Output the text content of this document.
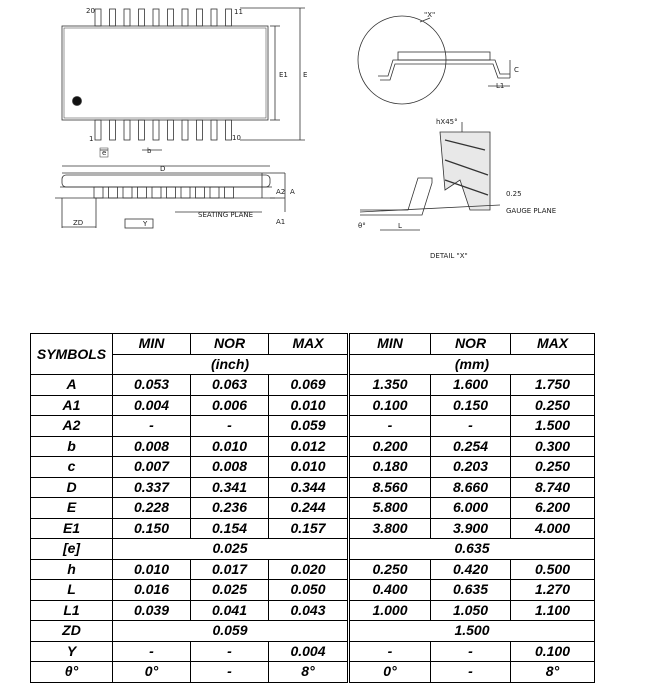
20	11
1	10
E1 E
e	b
D
A2 A
A1
ZD
SEATING PLANE
Y
"X"
C
L1
hX45°
0.25
GAUGE PLANE
L
θ°
DETAIL "X"
SYMBOLS	MIN	NOR	MAX	MIN	NOR	MAX
	(inch)			(mm)		
A	0.053	0.063	0.069	1.350	1.600	1.750
A1	0.004	0.006	0.010	0.100	0.150	0.250
A2	-	-	0.059	-	-	1.500
b	0.008	0.010	0.012	0.200	0.254	0.300
c	0.007	0.008	0.010	0.180	0.203	0.250
D	0.337	0.341	0.344	8.560	8.660	8.740
E	0.228	0.236	0.244	5.800	6.000	6.200
E1	0.150	0.154	0.157	3.800	3.900	4.000
[e]	0.025			0.635		
h	0.010	0.017	0.020	0.250	0.420	0.500
L	0.016	0.025	0.050	0.400	0.635	1.270
L1	0.039	0.041	0.043	1.000	1.050	1.100
ZD	0.059			1.500		
Y	-	-	0.004	-	-	0.100
θ°	0°	-	8°	0°	-	8°
